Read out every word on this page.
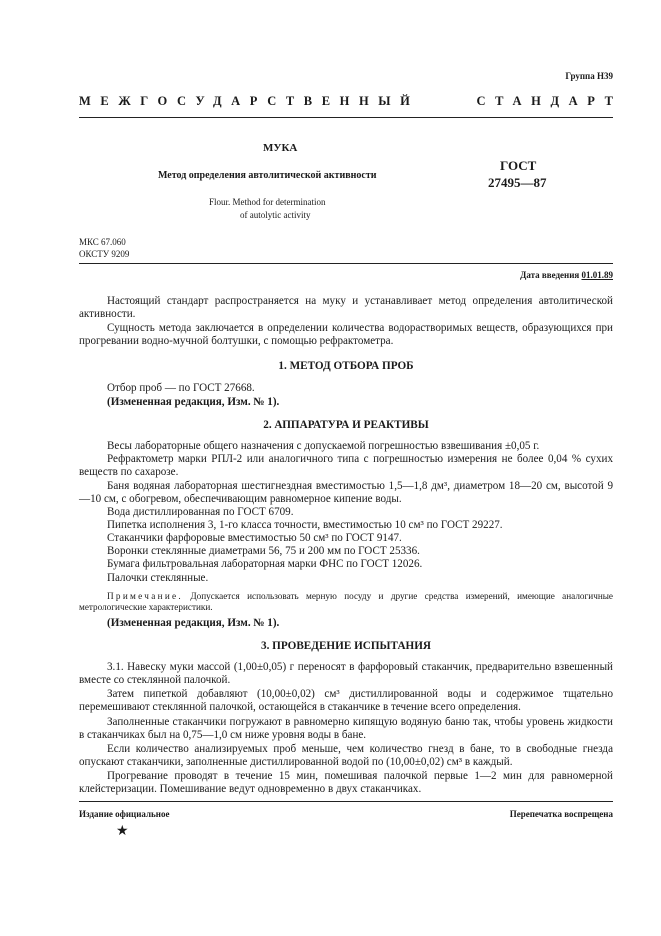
Группа Н39
МЕЖГОСУДАРСТВЕННЫЙ	СТАНДАРТ
МУКА
Метод определения автолитической активности
ГОСТ
27495—87
Flour. Method for determination
of autolytic activity
МКС 67.060
ОКСТУ 9209
Дата введения 01.01.89

Настоящий стандарт распространяется на муку и устанавливает метод определения автолитической активности.

Сущность метода заключается в определении количества водорастворимых веществ, образующихся при прогревании водно-мучной болтушки, с помощью рефрактометра.

1. МЕТОД ОТБОРА ПРОБ

Отбор проб — по ГОСТ 27668.

(Измененная редакция, Изм. № 1).

2. АППАРАТУРА И РЕАКТИВЫ

Весы лабораторные общего назначения с допускаемой погрешностью взвешивания ±0,05 г.

Рефрактометр марки РПЛ-2 или аналогичного типа с погрешностью измерения не более 0,04 % сухих веществ по сахарозе.

Баня водяная лабораторная шестигнездная вместимостью 1,5—1,8 дм³, диаметром 18—20 см, высотой 9—10 см, с обогревом, обеспечивающим равномерное кипение воды.

Вода дистиллированная по ГОСТ 6709.

Пипетка исполнения 3, 1-го класса точности, вместимостью 10 см³ по ГОСТ 29227.

Стаканчики фарфоровые вместимостью 50 см³ по ГОСТ 9147.

Воронки стеклянные диаметрами 56, 75 и 200 мм по ГОСТ 25336.

Бумага фильтровальная лабораторная марки ФНС по ГОСТ 12026.

Палочки стеклянные.

Примечание. Допускается использовать мерную посуду и другие средства измерений, имеющие аналогичные метрологические характеристики.

(Измененная редакция, Изм. № 1).

3. ПРОВЕДЕНИЕ ИСПЫТАНИЯ

3.1. Навеску муки массой (1,00±0,05) г переносят в фарфоровый стаканчик, предварительно взвешенный вместе со стеклянной палочкой.

Затем пипеткой добавляют (10,00±0,02) см³ дистиллированной воды и содержимое тщательно перемешивают стеклянной палочкой, остающейся в стаканчике в течение всего определения.

Заполненные стаканчики погружают в равномерно кипящую водяную баню так, чтобы уровень жидкости в стаканчиках был на 0,75—1,0 см ниже уровня воды в бане.

Если количество анализируемых проб меньше, чем количество гнезд в бане, то в свободные гнезда опускают стаканчики, заполненные дистиллированной водой по (10,00±0,02) см³ в каждый.

Прогревание проводят в течение 15 мин, помешивая палочкой первые 1—2 мин для равномерной клейстеризации. Помешивание ведут одновременно в двух стаканчиках.

Издание официальное	Перепечатка воспрещена
★
